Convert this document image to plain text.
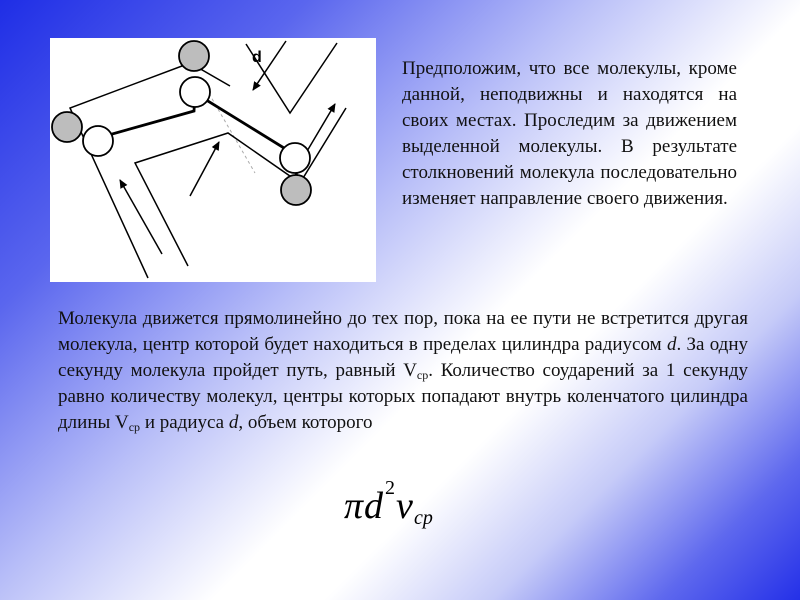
d

Предположим, что все молекулы, кроме данной, неподвижны и находятся на своих местах. Проследим за движением выделенной молекулы. В результате столкновений молекула последовательно изменяет направление своего движения.

Молекула движется прямолинейно до тех пор, пока на ее пути не встретится другая молекула, центр которой будет находиться в пределах цилиндра радиусом d. За одну секунду молекула пройдет путь, равный $V_{ср}$. Количество соударений за 1 секунду равно количеству молекул, центры которых попадают внутрь коленчатого цилиндра длины $V_{ср}$ и радиуса d, объем которого

π d 2 v ср
